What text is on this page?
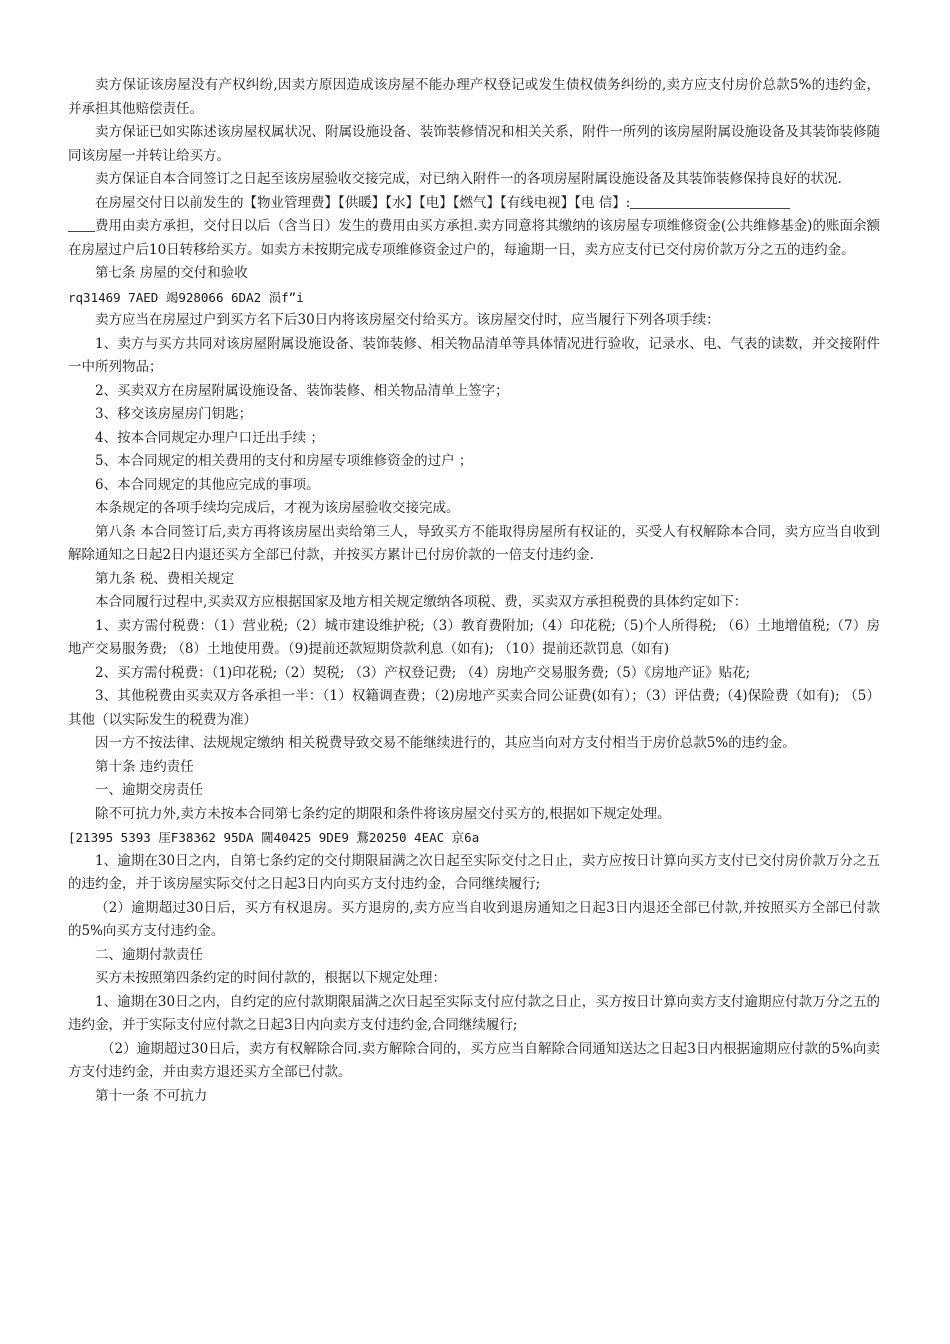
卖方保证该房屋没有产权纠纷,因卖方原因造成该房屋不能办理产权登记或发生债权债务纠纷的,卖方应支付房价总款5%的违约金，并承担其他赔偿责任。

卖方保证已如实陈述该房屋权属状况、附属设施设备、装饰装修情况和相关关系，附件一所列的该房屋附属设施设备及其装饰装修随同该房屋一并转让给买方。

卖方保证自本合同签订之日起至该房屋验收交接完成，对已纳入附件一的各项房屋附属设施设备及其装饰装修保持良好的状况.

在房屋交付日以前发生的【物业管理费】【供暖】【水】【电】【燃气】【有线电视】【电 信】:

费用由卖方承担，交付日以后（含当日）发生的费用由买方承担.卖方同意将其缴纳的该房屋专项维修资金(公共维修基金)的账面余额在房屋过户后10日转移给买方。如卖方未按期完成专项维修资金过户的，每逾期一日，卖方应支付已交付房价款万分之五的违约金。

第七条 房屋的交付和验收

rq31469 7AED 竭928066 6DA2 涢f”i

卖方应当在房屋过户到买方名下后30日内将该房屋交付给买方。该房屋交付时，应当履行下列各项手续：

1、卖方与买方共同对该房屋附属设施设备、装饰装修、相关物品清单等具体情况进行验收，记录水、电、气表的读数，并交接附件一中所列物品；

2、买卖双方在房屋附属设施设备、装饰装修、相关物品清单上签字；

3、移交该房屋房门钥匙；

4、按本合同规定办理户口迁出手续 ；

5、本合同规定的相关费用的支付和房屋专项维修资金的过户 ；

6、本合同规定的其他应完成的事项。

本条规定的各项手续均完成后，才视为该房屋验收交接完成。

第八条 本合同签订后,卖方再将该房屋出卖给第三人，导致买方不能取得房屋所有权证的，买受人有权解除本合同，卖方应当自收到解除通知之日起2日内退还买方全部已付款，并按买方累计已付房价款的一倍支付违约金.

第九条 税、费相关规定

本合同履行过程中,买卖双方应根据国家及地方相关规定缴纳各项税、费，买卖双方承担税费的具体约定如下：

1、卖方需付税费：（1）营业税;（2）城市建设维护税;（3）教育费附加;（4）印花税;（5)个人所得税; （6）土地增值税;（7）房地产交易服务费; （8）土地使用费。（9)提前还款短期贷款利息（如有); （10）提前还款罚息（如有)

2、买方需付税费：（1)印花税;（2）契税; （3）产权登记费; （4）房地产交易服务费;（5）《房地产证》贴花;

3、其他税费由买卖双方各承担一半：（1）权籍调查费；（2)房地产买卖合同公证费(如有）；（3）评估费;（4)保险费（如有); （5）其他（以实际发生的税费为准）

因一方不按法律、法规规定缴纳 相关税费导致交易不能继续进行的，其应当向对方支付相当于房价总款5%的违约金。

第十条 违约责任

一、逾期交房责任

除不可抗力外,卖方未按本合同第七条约定的期限和条件将该房屋交付买方的,根据如下规定处理。

[21395 5393 厓F38362 95DA 閫40425 9DE9 鶩20250 4EAC 京6a

1、逾期在30日之内，自第七条约定的交付期限届满之次日起至实际交付之日止，卖方应按日计算向买方支付已交付房价款万分之五的违约金，并于该房屋实际交付之日起3日内向买方支付违约金，合同继续履行;

（2）逾期超过30日后，买方有权退房。买方退房的,卖方应当自收到退房通知之日起3日内退还全部已付款,并按照买方全部已付款的5%向买方支付违约金。

二、逾期付款责任

买方未按照第四条约定的时间付款的，根据以下规定处理：

1、逾期在30日之内，自约定的应付款期限届满之次日起至实际支付应付款之日止，买方按日计算向卖方支付逾期应付款万分之五的违约金，并于实际支付应付款之日起3日内向卖方支付违约金,合同继续履行;

（2）逾期超过30日后，卖方有权解除合同.卖方解除合同的，买方应当自解除合同通知送达之日起3日内根据逾期应付款的5%向卖方支付违约金，并由卖方退还买方全部已付款。

第十一条 不可抗力
